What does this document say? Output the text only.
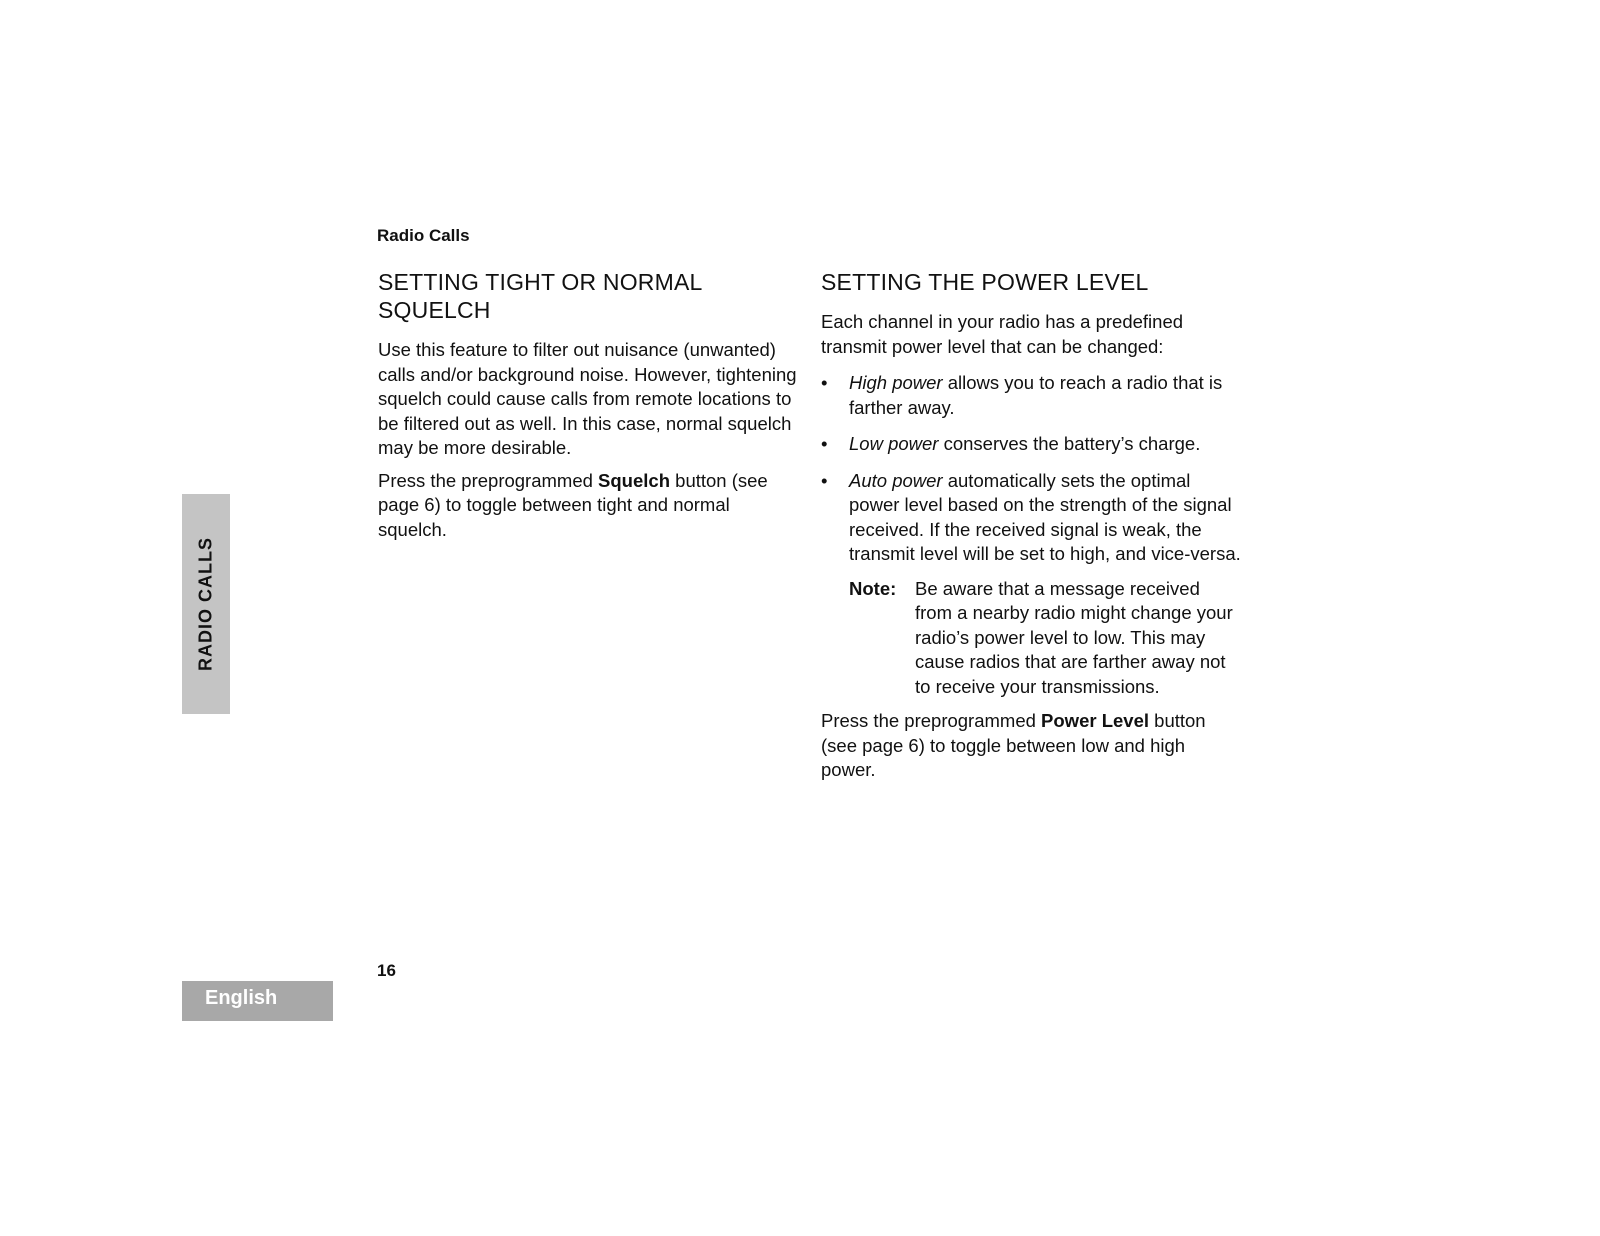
Radio Calls
RADIO CALLS
SETTING TIGHT OR NORMAL SQUELCH

Use this feature to filter out nuisance (unwanted) calls and/or background noise. However, tightening squelch could cause calls from remote locations to be filtered out as well. In this case, normal squelch may be more desirable.

Press the preprogrammed Squelch button (see page 6) to toggle between tight and normal squelch.

SETTING THE POWER LEVEL

Each channel in your radio has a predefined transmit power level that can be changed:

• High power allows you to reach a radio that is farther away.
• Low power conserves the battery’s charge.
• Auto power automatically sets the optimal power level based on the strength of the signal received. If the received signal is weak, the transmit level will be set to high, and vice-versa.
Note:	Be aware that a message received from a nearby radio might change your radio’s power level to low. This may cause radios that are farther away not to receive your transmissions.

Press the preprogrammed Power Level button (see page 6) to toggle between low and high power.

16
English
